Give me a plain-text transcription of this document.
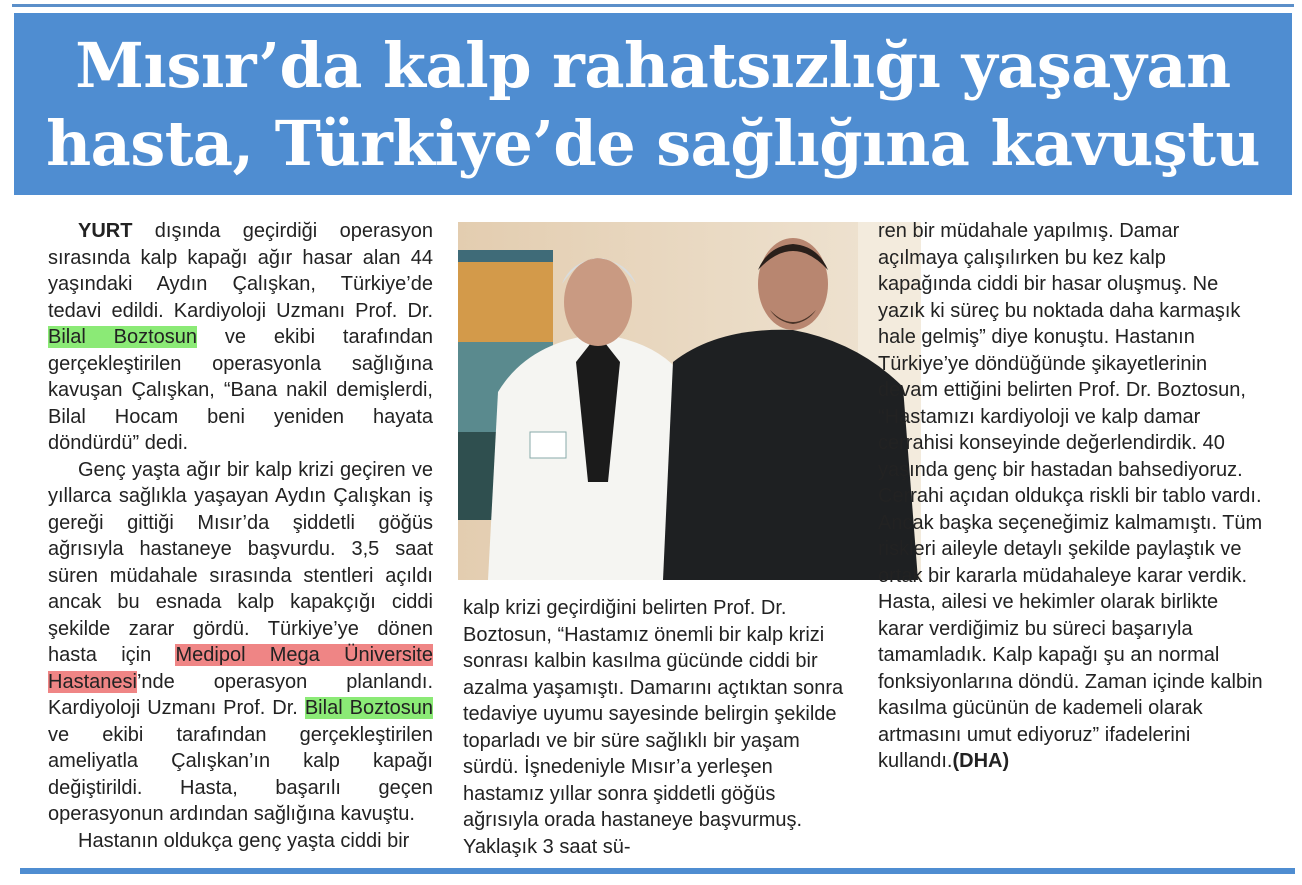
Mısır’da kalp rahatsızlığı yaşayan
hasta, Türkiye’de sağlığına kavuştu

YURT dışında geçirdiği operasyon sırasında kalp kapağı ağır hasar alan 44 yaşındaki Aydın Çalışkan, Türkiye’de tedavi edildi. Kardiyoloji Uzmanı Prof. Dr. Bilal Boztosun ve ekibi tarafından gerçekleştirilen operasyonla sağlığına kavuşan Çalışkan, “Bana nakil demişlerdi, Bilal Hocam beni yeniden hayata döndürdü” dedi.

Genç yaşta ağır bir kalp krizi geçiren ve yıllarca sağlıkla yaşayan Aydın Çalışkan iş gereği gittiği Mısır’da şiddetli göğüs ağrısıyla hastaneye başvurdu. 3,5 saat süren müdahale sırasında stentleri açıldı ancak bu esnada kalp kapakçığı ciddi şekilde zarar gördü. Türkiye’ye dönen hasta için Medipol Mega Üniversite Hastanesi’nde operasyon planlandı. Kardiyoloji Uzmanı Prof. Dr. Bilal Boztosun ve ekibi tarafından gerçekleştirilen ameliyatla Çalışkan’ın kalp kapağı değiştirildi. Hasta, başarılı geçen operasyonun ardından sağlığına kavuştu.

Hastanın oldukça genç yaşta ciddi bir

kalp krizi geçirdiğini belirten Prof. Dr. Boztosun, “Hastamız önemli bir kalp krizi sonrası kalbin kasılma gücünde ciddi bir azalma yaşamıştı. Damarını açtıktan sonra tedaviye uyumu sayesinde belirgin şekilde toparladı ve bir süre sağlıklı bir yaşam sürdü. İşnedeniyle Mısır’a yerleşen hastamız yıllar sonra şiddetli göğüs ağrısıyla orada hastaneye başvurmuş. Yaklaşık 3 saat sü-

ren bir müdahale yapılmış. Damar açılmaya çalışılırken bu kez kalp kapağında ciddi bir hasar oluşmuş. Ne yazık ki süreç bu noktada daha karmaşık hale gelmiş” diye konuştu. Hastanın Türkiye’ye döndüğünde şikayetlerinin devam ettiğini belirten Prof. Dr. Boztosun, “Hastamızı kardiyoloji ve kalp damar cerrahisi konseyinde değerlendirdik. 40 yaşında genç bir hastadan bahsediyoruz. Cerrahi açıdan oldukça riskli bir tablo vardı. Ancak başka seçeneğimiz kalmamıştı. Tüm riskleri aileyle detaylı şekilde paylaştık ve ortak bir kararla müdahaleye karar verdik. Hasta, ailesi ve hekimler olarak birlikte karar verdiğimiz bu süreci başarıyla tamamladık. Kalp kapağı şu an normal fonksiyonlarına döndü. Zaman içinde kalbin kasılma gücünün de kademeli olarak artmasını umut ediyoruz” ifadelerini kullandı.(DHA)
